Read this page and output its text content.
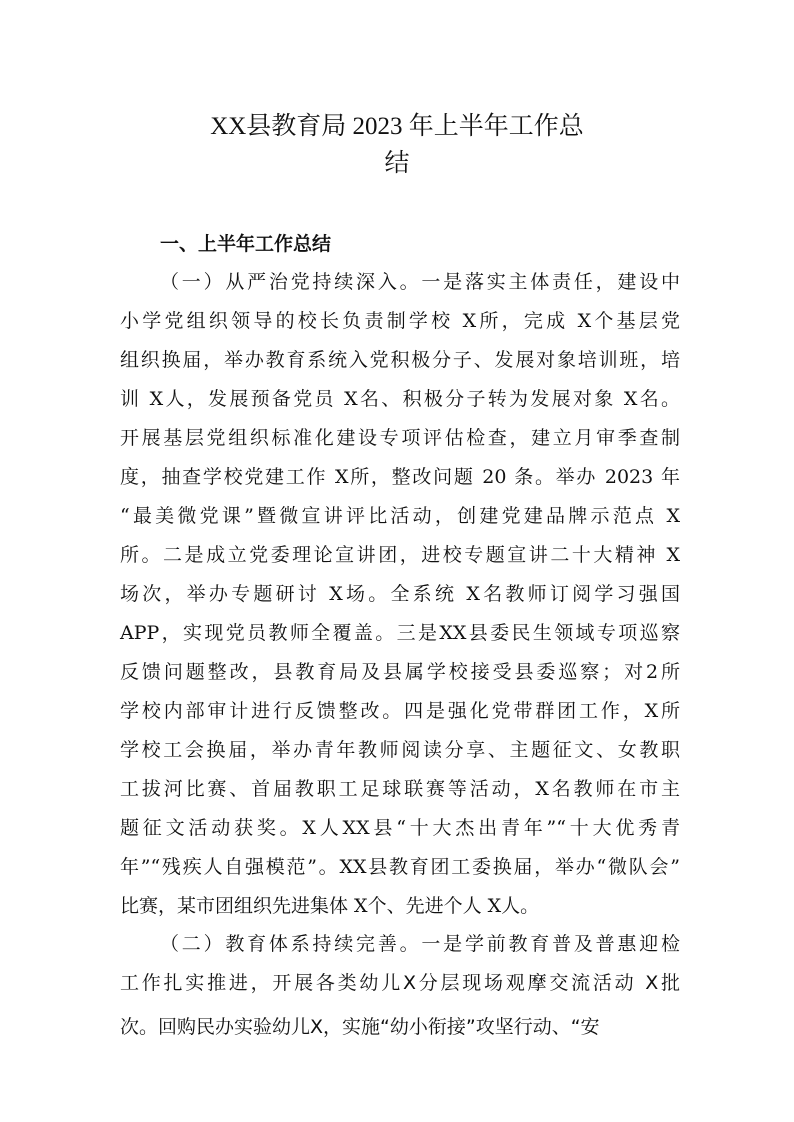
XX县教育局 2023 年上半年工作总
结
一、上半年工作总结
（一）从严治党持续深入。一是落实主体责任，建设中
小学党组织领导的校长负责制学校 X所，完成 X个基层党
组织换届，举办教育系统入党积极分子、发展对象培训班，培
训 X人，发展预备党员 X名、积极分子转为发展对象 X名。
开展基层党组织标准化建设专项评估检查，建立月审季查制
度，抽查学校党建工作 X所，整改问题 20 条。举办 2023 年
“最美微党课”暨微宣讲评比活动，创建党建品牌示范点 X
所。二是成立党委理论宣讲团，进校专题宣讲二十大精神 X
场次，举办专题研讨 X场。全系统 X名教师订阅学习强国
APP，实现党员教师全覆盖。三是XX县委民生领域专项巡察
反馈问题整改，县教育局及县属学校接受县委巡察；对2所
学校内部审计进行反馈整改。四是强化党带群团工作，X所
学校工会换届，举办青年教师阅读分享、主题征文、女教职
工拔河比赛、首届教职工足球联赛等活动，X名教师在市主
题征文活动获奖。X人XX县“十大杰出青年”“十大优秀青
年”“残疾人自强模范”。XX县教育团工委换届，举办“微队会”
比赛，某市团组织先进集体 X个、先进个人 X人。
（二）教育体系持续完善。一是学前教育普及普惠迎检
工作扎实推进，开展各类幼儿X分层现场观摩交流活动 X批
次。回购民办实验幼儿X，实施“幼小衔接”攻坚行动、“安
